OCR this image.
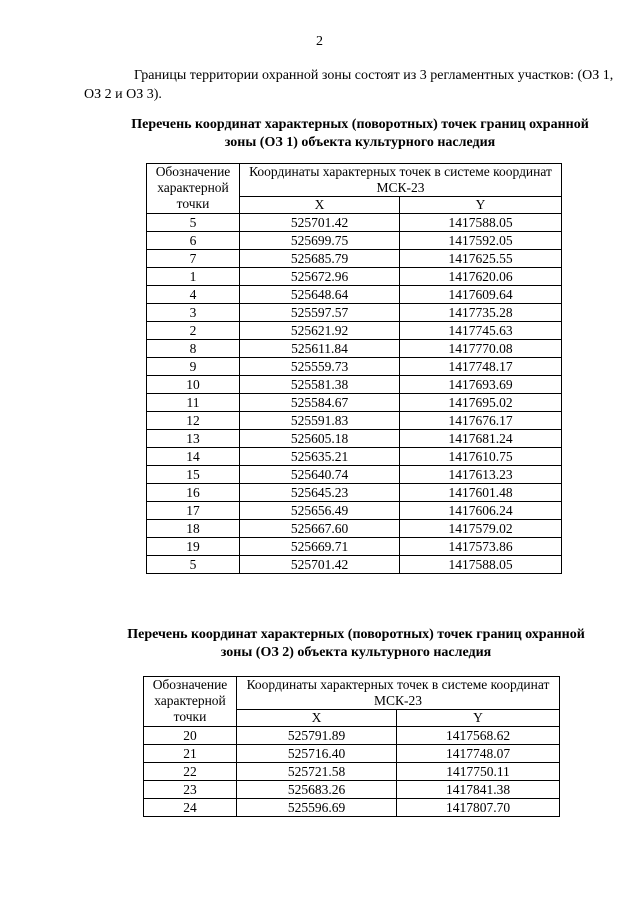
2

Границы территории охранной зоны состоят из 3 регламентных участков: (ОЗ 1, ОЗ 2 и ОЗ 3).

Перечень координат характерных (поворотных) точек границ охранной
зоны (ОЗ 1) объекта культурного наследия
Обозначение
характерной
точки	Координаты характерных точек в системе координат МСК-23	
	X	Y
5	525701.42	1417588.05
6	525699.75	1417592.05
7	525685.79	1417625.55
1	525672.96	1417620.06
4	525648.64	1417609.64
3	525597.57	1417735.28
2	525621.92	1417745.63
8	525611.84	1417770.08
9	525559.73	1417748.17
10	525581.38	1417693.69
11	525584.67	1417695.02
12	525591.83	1417676.17
13	525605.18	1417681.24
14	525635.21	1417610.75
15	525640.74	1417613.23
16	525645.23	1417601.48
17	525656.49	1417606.24
18	525667.60	1417579.02
19	525669.71	1417573.86
5	525701.42	1417588.05
Перечень координат характерных (поворотных) точек границ охранной
зоны (ОЗ 2) объекта культурного наследия
Обозначение
характерной
точки	Координаты характерных точек в системе координат МСК-23	
	X	Y
20	525791.89	1417568.62
21	525716.40	1417748.07
22	525721.58	1417750.11
23	525683.26	1417841.38
24	525596.69	1417807.70
